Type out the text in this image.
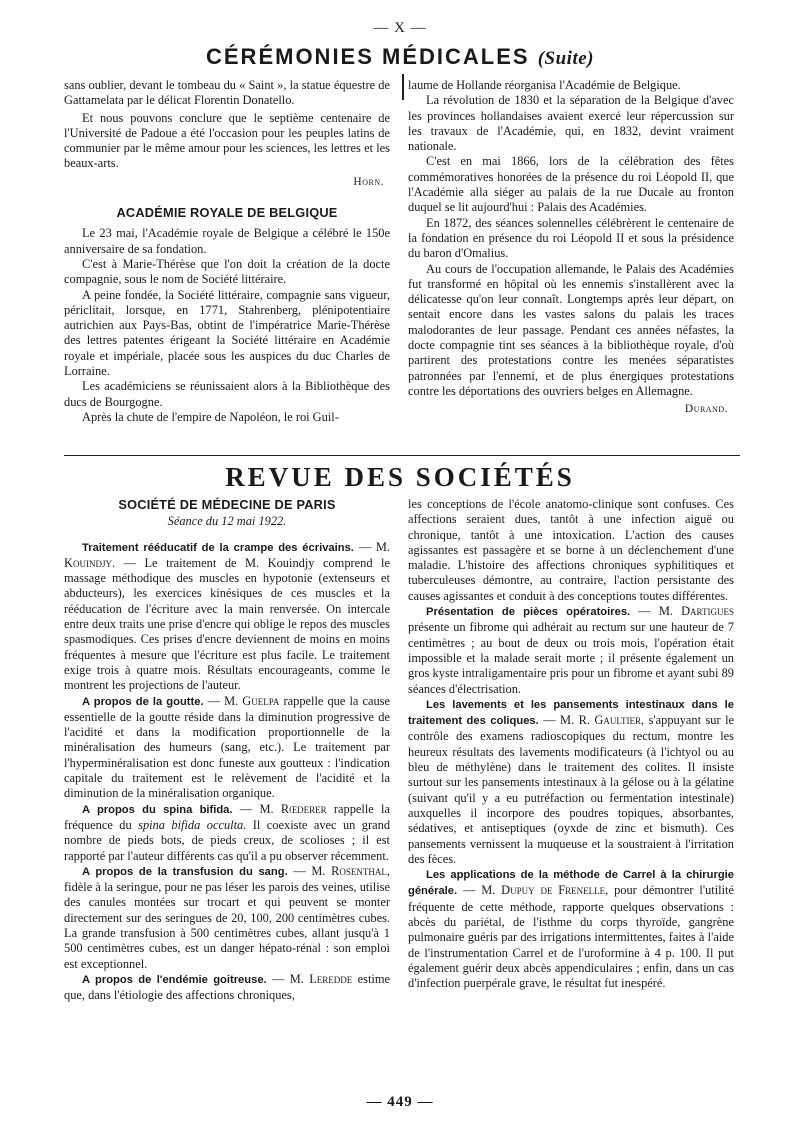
— X —
CÉRÉMONIES MÉDICALES (Suite)

sans oublier, devant le tombeau du « Saint », la statue équestre de Gattamelata par le délicat Florentin Donatello.

Et nous pouvons conclure que le septième centenaire de l'Université de Padoue a été l'occasion pour les peuples latins de communier par le même amour pour les sciences, les lettres et les beaux-arts.

Horn.
ACADÉMIE ROYALE DE BELGIQUE

Le 23 mai, l'Académie royale de Belgique a célébré le 150e anniversaire de sa fondation.

C'est à Marie-Thérèse que l'on doit la création de la docte compagnie, sous le nom de Société littéraire.

A peine fondée, la Société littéraire, compagnie sans vigueur, périclitait, lorsque, en 1771, Stahrenberg, plénipotentiaire autrichien aux Pays-Bas, obtint de l'impératrice Marie-Thérèse des lettres patentes érigeant la Société littéraire en Académie royale et impériale, placée sous les auspices du duc Charles de Lorraine.

Les académiciens se réunissaient alors à la Bibliothèque des ducs de Bourgogne.

Après la chute de l'empire de Napoléon, le roi Guil-

laume de Hollande réorganisa l'Académie de Belgique.

La révolution de 1830 et la séparation de la Belgique d'avec les provinces hollandaises avaient exercé leur répercussion sur les travaux de l'Académie, qui, en 1832, devint vraiment nationale.

C'est en mai 1866, lors de la célébration des fêtes commémoratives honorées de la présence du roi Léopold II, que l'Académie alla siéger au palais de la rue Ducale au fronton duquel se lit aujourd'hui : Palais des Académies.

En 1872, des séances solennelles célébrèrent le centenaire de la fondation en présence du roi Léopold II et sous la présidence du baron d'Omalius.

Au cours de l'occupation allemande, le Palais des Académies fut transformé en hôpital où les ennemis s'installèrent avec la délicatesse qu'on leur connaît. Longtemps après leur départ, on sentait encore dans les vastes salons du palais les traces malodorantes de leur passage. Pendant ces années néfastes, la docte compagnie tint ses séances à la bibliothèque royale, d'où partirent des protestations contre les menées séparatistes patronnées par l'ennemi, et de plus énergiques protestations contre les déportations des ouvriers belges en Allemagne.

Durand.
REVUE DES SOCIÉTÉS
SOCIÉTÉ DE MÉDECINE DE PARIS
Séance du 12 mai 1922.

Traitement rééducatif de la crampe des écrivains. — M. Kouindjy. — Le traitement de M. Kouindjy comprend le massage méthodique des muscles en hypotonie (extenseurs et abducteurs), les exercices kinésiques de ces muscles et la rééducation de l'écriture avec la main renversée. On intercale entre deux traits une prise d'encre qui oblige le repos des muscles spasmodiques. Ces prises d'encre deviennent de moins en moins fréquentes à mesure que l'écriture est plus facile. Le traitement exige trois à quatre mois. Résultats encourageants, comme le montrent les projections de l'auteur.

A propos de la goutte. — M. Guelpa rappelle que la cause essentielle de la goutte réside dans la diminution progressive de l'acidité et dans la modification proportionnelle de la minéralisation des humeurs (sang, etc.). Le traitement par l'hyperminéralisation est donc funeste aux goutteux : l'indication capitale du traitement est le relèvement de l'acidité et la diminution de la minéralisation organique.

A propos du spina bifida. — M. Rœderer rappelle la fréquence du spina bifida occulta. Il coexiste avec un grand nombre de pieds bots, de pieds creux, de scolioses ; il est rapporté par l'auteur différents cas qu'il a pu observer récemment.

A propos de la transfusion du sang. — M. Rosenthal, fidèle à la seringue, pour ne pas léser les parois des veines, utilise des canules montées sur trocart et qui peuvent se monter directement sur des seringues de 20, 100, 200 centimètres cubes. La grande transfusion à 500 centimètres cubes, allant jusqu'à 1 500 centimètres cubes, est un danger hépato-rénal : son emploi est exceptionnel.

A propos de l'endémie goitreuse. — M. Leredde estime que, dans l'étiologie des affections chroniques,

les conceptions de l'école anatomo-clinique sont confuses. Ces affections seraient dues, tantôt à une infection aiguë ou chronique, tantôt à une intoxication. L'action des causes agissantes est passagère et se borne à un déclenchement d'une maladie. L'histoire des affections chroniques syphilitiques et tuberculeuses démontre, au contraire, l'action persistante des causes agissantes et conduit à des conceptions toutes différentes.

Présentation de pièces opératoires. — M. Dartigues présente un fibrome qui adhérait au rectum sur une hauteur de 7 centimètres ; au bout de deux ou trois mois, l'opération était impossible et la malade serait morte ; il présente également un gros kyste intraligamentaire pris pour un fibrome et ayant subi 89 séances d'électrisation.

Les lavements et les pansements intestinaux dans le traitement des coliques. — M. R. Gaultier, s'appuyant sur le contrôle des examens radioscopiques du rectum, montre les heureux résultats des lavements modificateurs (à l'ichtyol ou au bleu de méthylène) dans le traitement des colites. Il insiste surtout sur les pansements intestinaux à la gélose ou à la gélatine (suivant qu'il y a eu putréfaction ou fermentation intestinale) auxquelles il incorpore des poudres topiques, absorbantes, sédatives, et antiseptiques (oyxde de zinc et bismuth). Ces pansements vernissent la muqueuse et la soustraient à l'irritation des fèces.

Les applications de la méthode de Carrel à la chirurgie générale. — M. Dupuy de Frenelle, pour démontrer l'utilité fréquente de cette méthode, rapporte quelques observations : abcès du pariétal, de l'isthme du corps thyroïde, gangrène pulmonaire guéris par des irrigations intermittentes, faites à l'aide de l'instrumentation Carrel et de l'uroformine à 4 p. 100. Il put également guérir deux abcès appendiculaires ; enfin, dans un cas d'infection puerpérale grave, le résultat fut inespéré.

— 449 —
